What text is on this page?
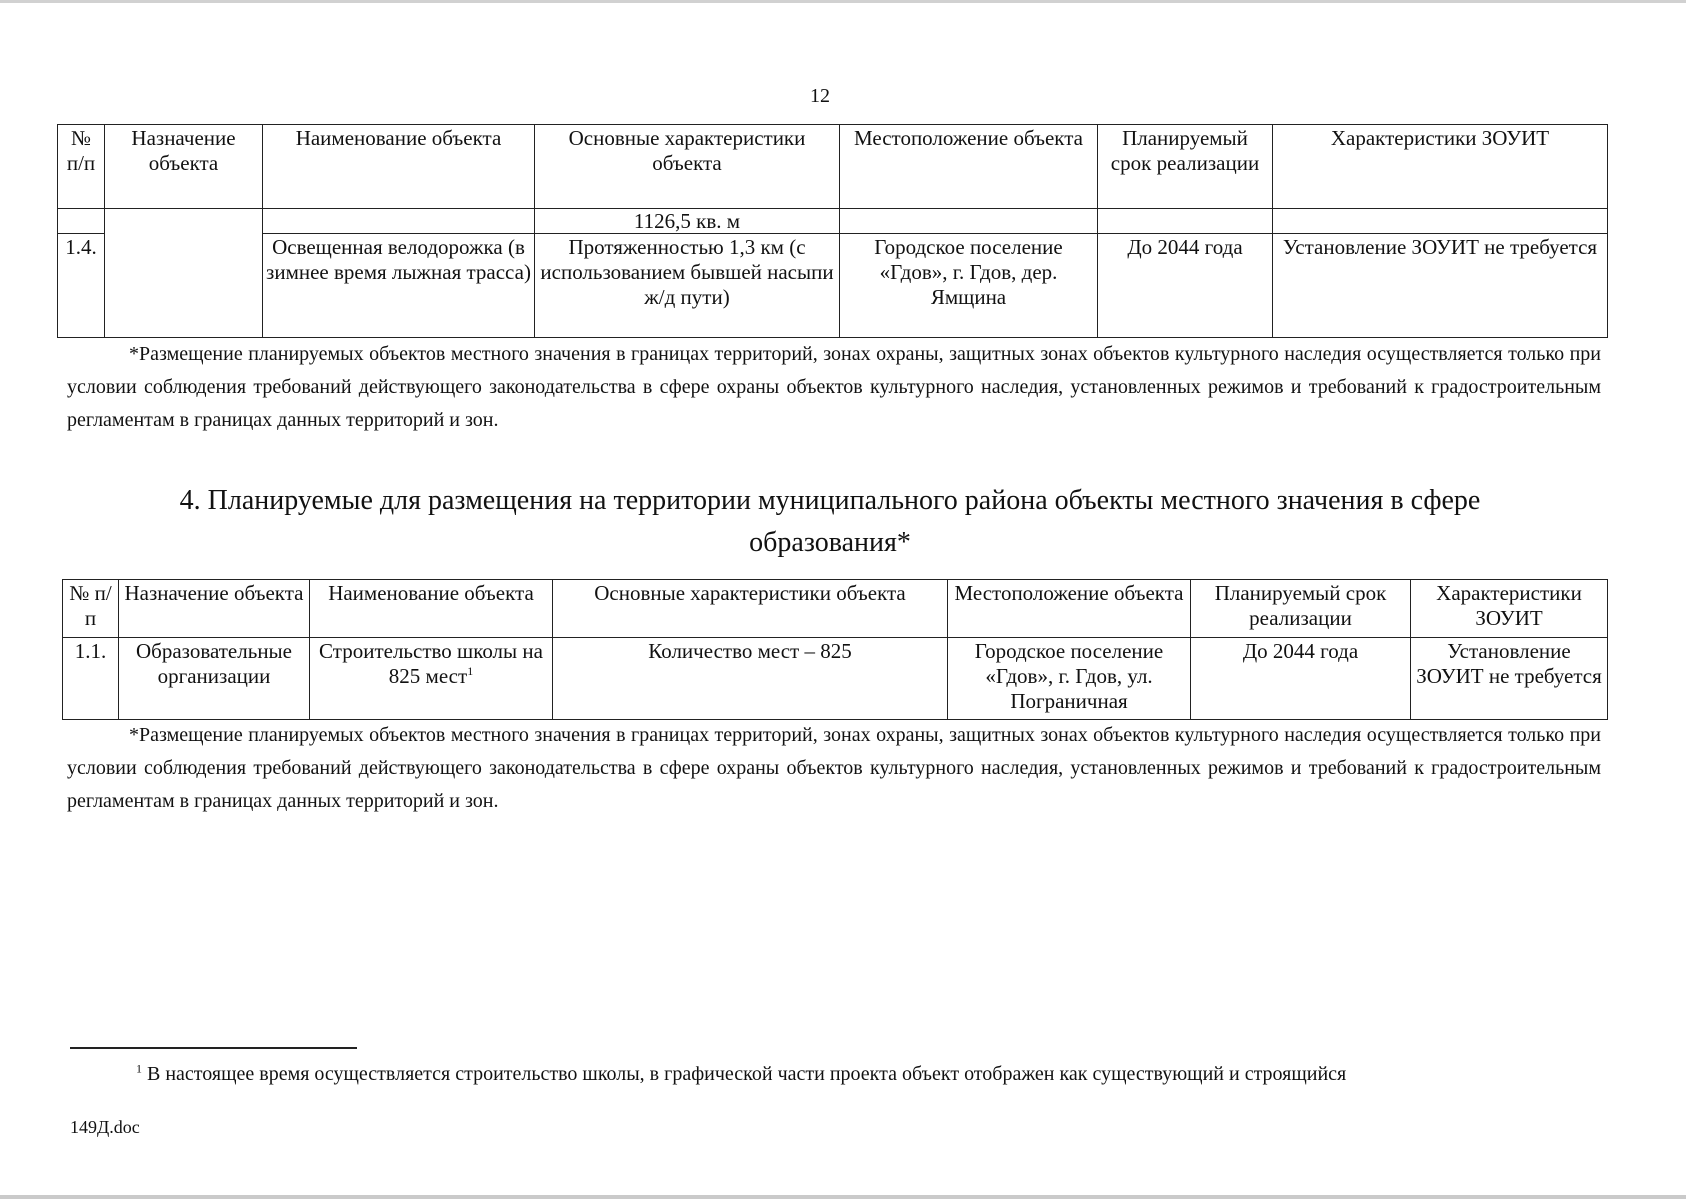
12
№ п/п	Назначение объекта	Наименование объекта	Основные характеристики объекта	Местоположение объекта	Планируемый срок реализации	Характеристики ЗОУИТ
			1126,5 кв. м			
1.4.		Освещенная велодорожка (в зимнее время лыжная трасса)	Протяженностью 1,3 км (с использованием бывшей насыпи ж/д пути)	Городское поселение «Гдов», г. Гдов, дер. Ямщина	До 2044 года	Установление ЗОУИТ не требуется

*Размещение планируемых объектов местного значения в границах территорий, зонах охраны, защитных зонах объектов культурного наследия осуществляется только при условии соблюдения требований действующего законодательства в сфере охраны объектов культурного наследия, установленных режимов и требований к градостроительным регламентам в границах данных территорий и зон.

4. Планируемые для размещения на территории муниципального района объекты местного значения в сфере образования*
№ п/п	Назначение объекта	Наименование объекта	Основные характеристики объекта	Местоположение объекта	Планируемый срок реализации	Характеристики ЗОУИТ
1.1.	Образовательные организации	Строительство школы на 825 мест$^1$	Количество мест – 825	Городское поселение «Гдов», г. Гдов, ул. Пограничная	До 2044 года	Установление ЗОУИТ не требуется

*Размещение планируемых объектов местного значения в границах территорий, зонах охраны, защитных зонах объектов культурного наследия осуществляется только при условии соблюдения требований действующего законодательства в сфере охраны объектов культурного наследия, установленных режимов и требований к градостроительным регламентам в границах данных территорий и зон.

$^1$ В настоящее время осуществляется строительство школы, в графической части проекта объект отображен как существующий и строящийся

149Д.doc
